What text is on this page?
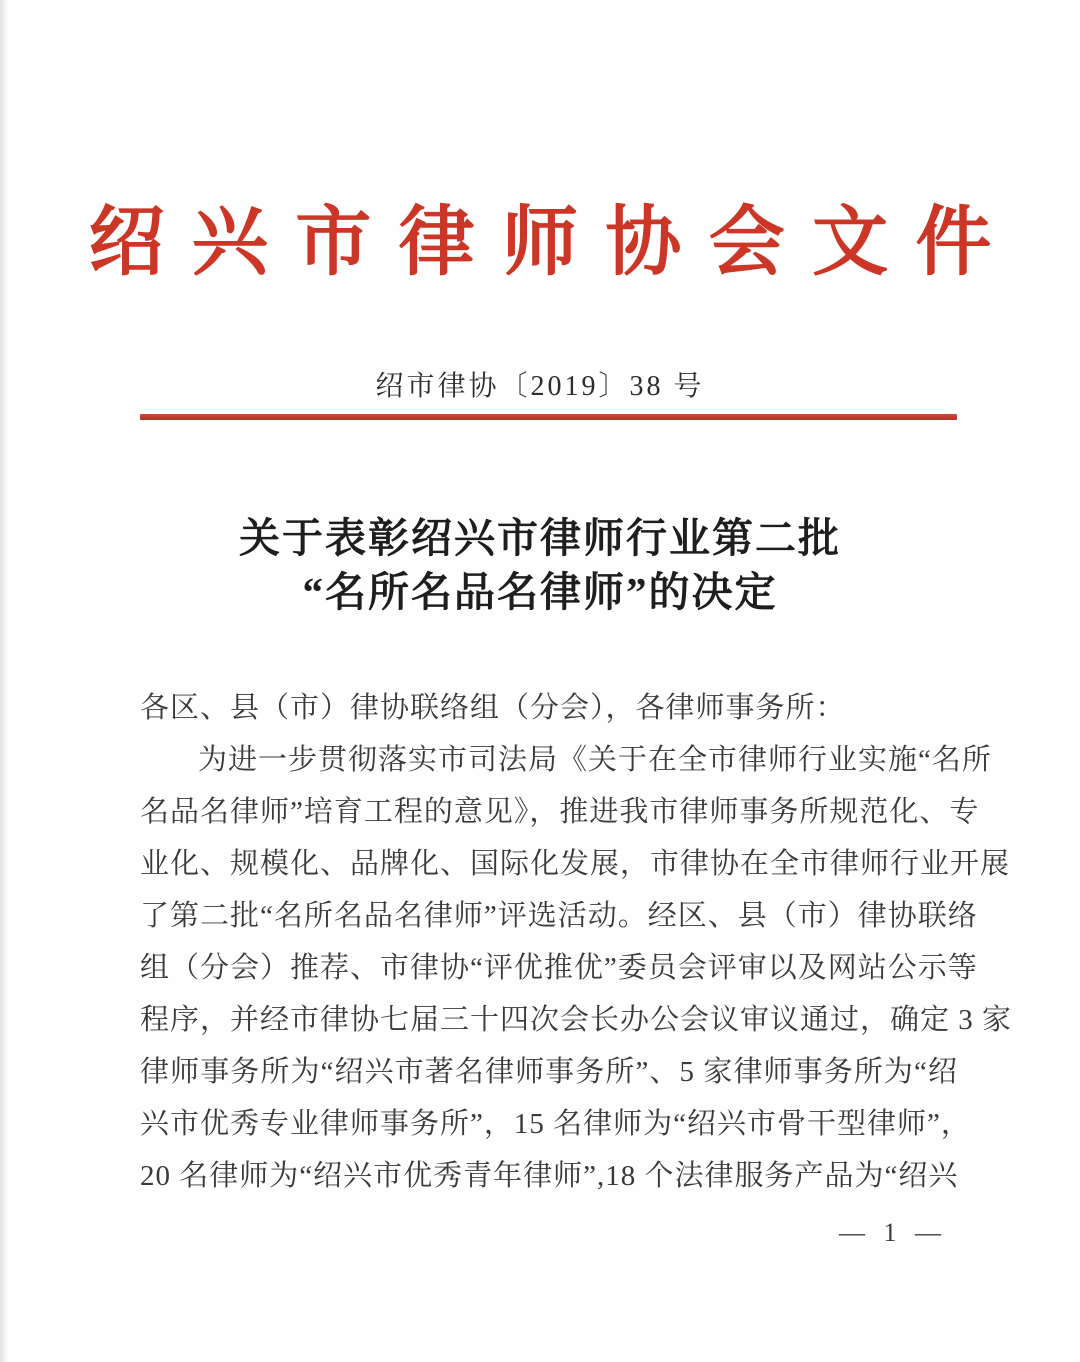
绍兴市律师协会文件
绍市律协〔2019〕38 号
关于表彰绍兴市律师行业第二批
“名所名品名律师”的决定
各区、县（市）律协联络组（分会），各律师事务所：
为进一步贯彻落实市司法局《关于在全市律师行业实施“名所
名品名律师”培育工程的意见》，推进我市律师事务所规范化、专
业化、规模化、品牌化、国际化发展，市律协在全市律师行业开展
了第二批“名所名品名律师”评选活动。经区、县（市）律协联络
组（分会）推荐、市律协“评优推优”委员会评审以及网站公示等
程序，并经市律协七届三十四次会长办公会议审议通过，确定 3 家
律师事务所为“绍兴市著名律师事务所”、5 家律师事务所为“绍
兴市优秀专业律师事务所”，15 名律师为“绍兴市骨干型律师”，
20 名律师为“绍兴市优秀青年律师”,18 个法律服务产品为“绍兴
— 1 —
